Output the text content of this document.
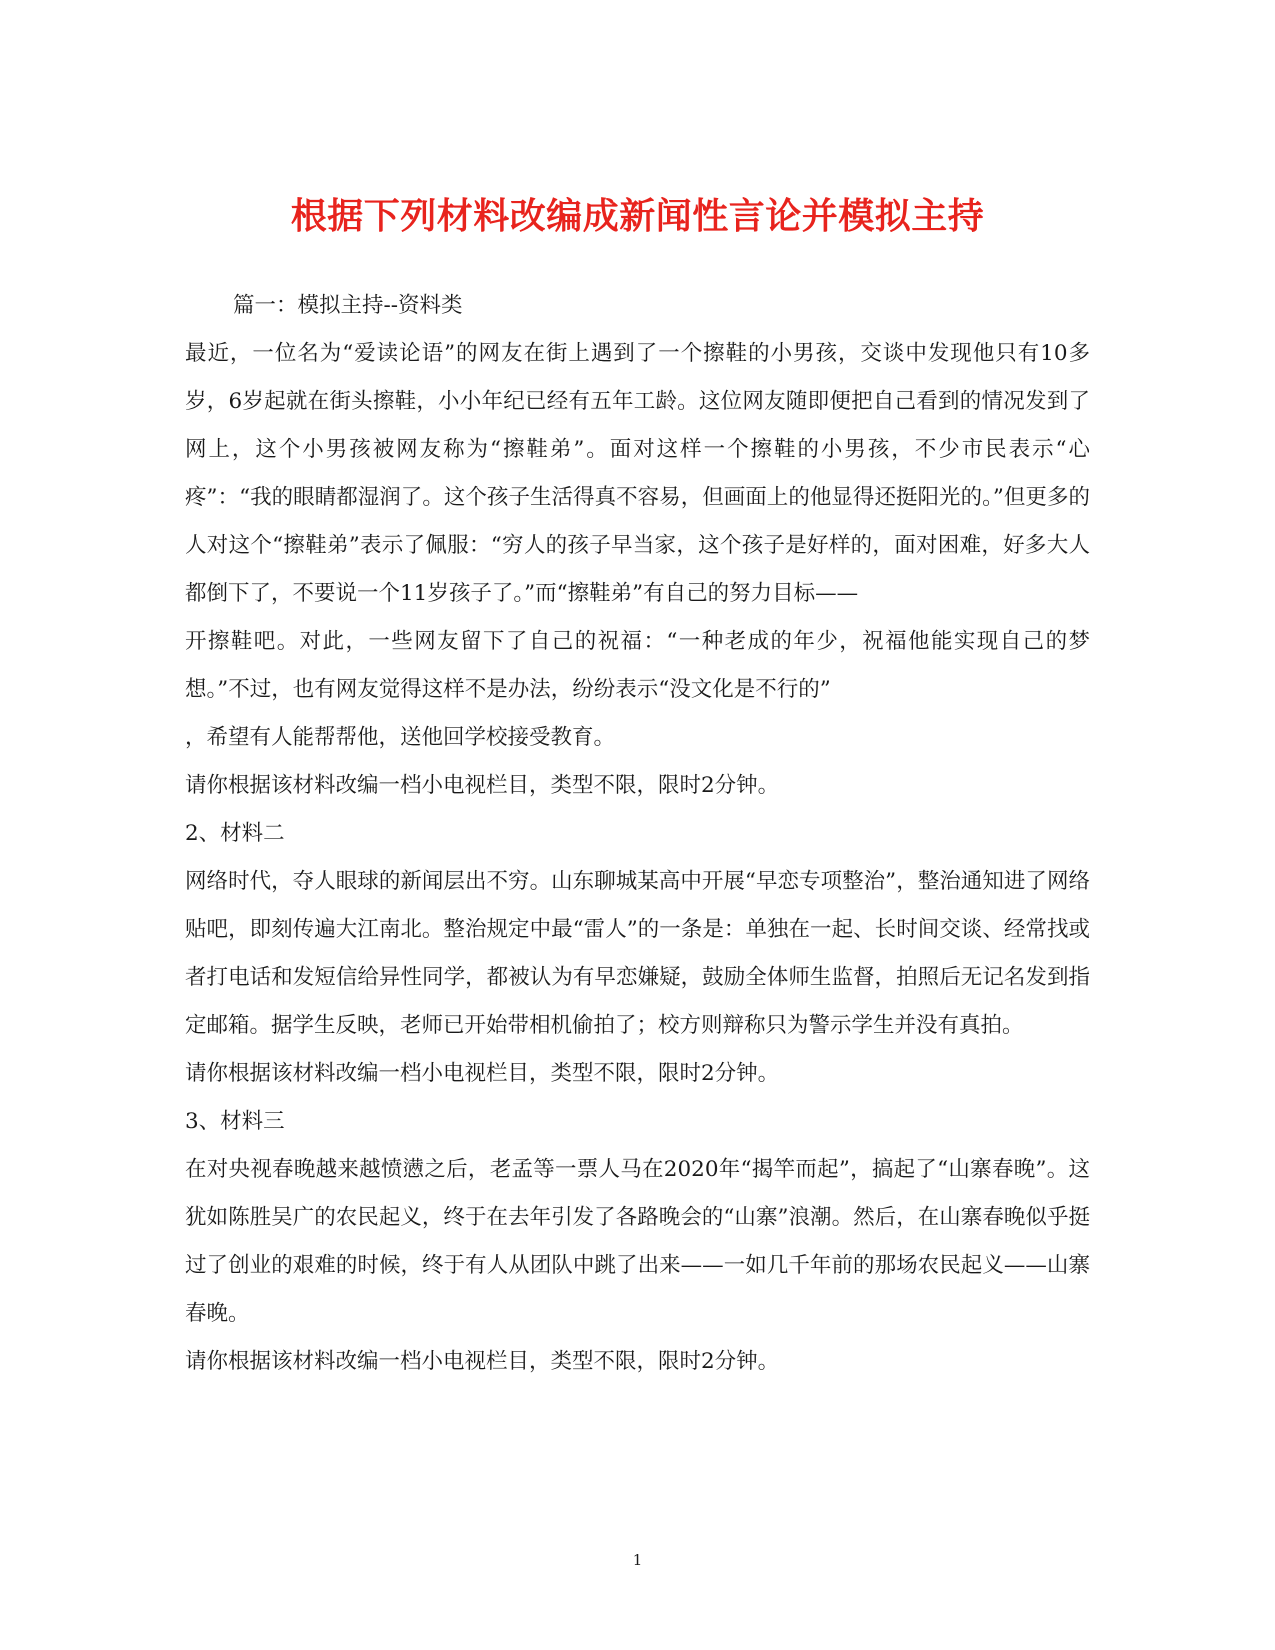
根据下列材料改编成新闻性言论并模拟主持

篇一：模拟主持--资料类

最近，一位名为“爱读论语”的网友在街上遇到了一个擦鞋的小男孩，交谈中发现他只有10多岁，6岁起就在街头擦鞋，小小年纪已经有五年工龄。这位网友随即便把自己看到的情况发到了网上，这个小男孩被网友称为“擦鞋弟”。面对这样一个擦鞋的小男孩，不少市民表示“心疼”：“我的眼睛都湿润了。这个孩子生活得真不容易，但画面上的他显得还挺阳光的。”但更多的人对这个“擦鞋弟”表示了佩服：“穷人的孩子早当家，这个孩子是好样的，面对困难，好多大人都倒下了，不要说一个11岁孩子了。”而“擦鞋弟”有自己的努力目标——

开擦鞋吧。对此，一些网友留下了自己的祝福：“一种老成的年少，祝福他能实现自己的梦想。”不过，也有网友觉得这样不是办法，纷纷表示“没文化是不行的”

，希望有人能帮帮他，送他回学校接受教育。

请你根据该材料改编一档小电视栏目，类型不限，限时2分钟。

2、材料二

网络时代，夺人眼球的新闻层出不穷。山东聊城某高中开展“早恋专项整治”，整治通知进了网络贴吧，即刻传遍大江南北。整治规定中最“雷人”的一条是：单独在一起、长时间交谈、经常找或者打电话和发短信给异性同学，都被认为有早恋嫌疑，鼓励全体师生监督，拍照后无记名发到指定邮箱。据学生反映，老师已开始带相机偷拍了；校方则辩称只为警示学生并没有真拍。

请你根据该材料改编一档小电视栏目，类型不限，限时2分钟。

3、材料三

在对央视春晚越来越愤懑之后，老孟等一票人马在2020年“揭竿而起”，搞起了“山寨春晚”。这犹如陈胜吴广的农民起义，终于在去年引发了各路晚会的“山寨”浪潮。然后，在山寨春晚似乎挺过了创业的艰难的时候，终于有人从团队中跳了出来——一如几千年前的那场农民起义——山寨春晚。

请你根据该材料改编一档小电视栏目，类型不限，限时2分钟。

1
